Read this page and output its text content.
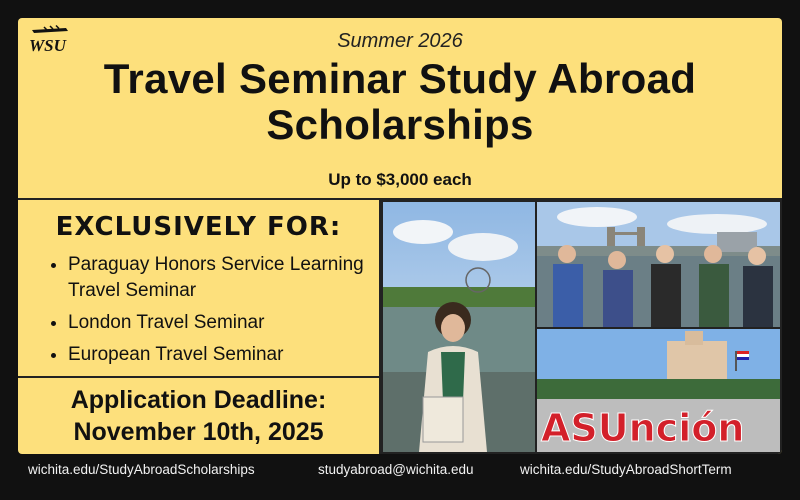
WSU	Summer 2026
Travel Seminar Study Abroad
Scholarships
Up to $3,000 each
EXCLUSIVELY FOR:
• Paraguay Honors Service Learning Travel Seminar
• London Travel Seminar
• European Travel Seminar
Application Deadline:
November 10th, 2025	ASUnción
wichita.edu/StudyAbroadScholarships	studyabroad@wichita.edu	wichita.edu/StudyAbroadShortTerm
